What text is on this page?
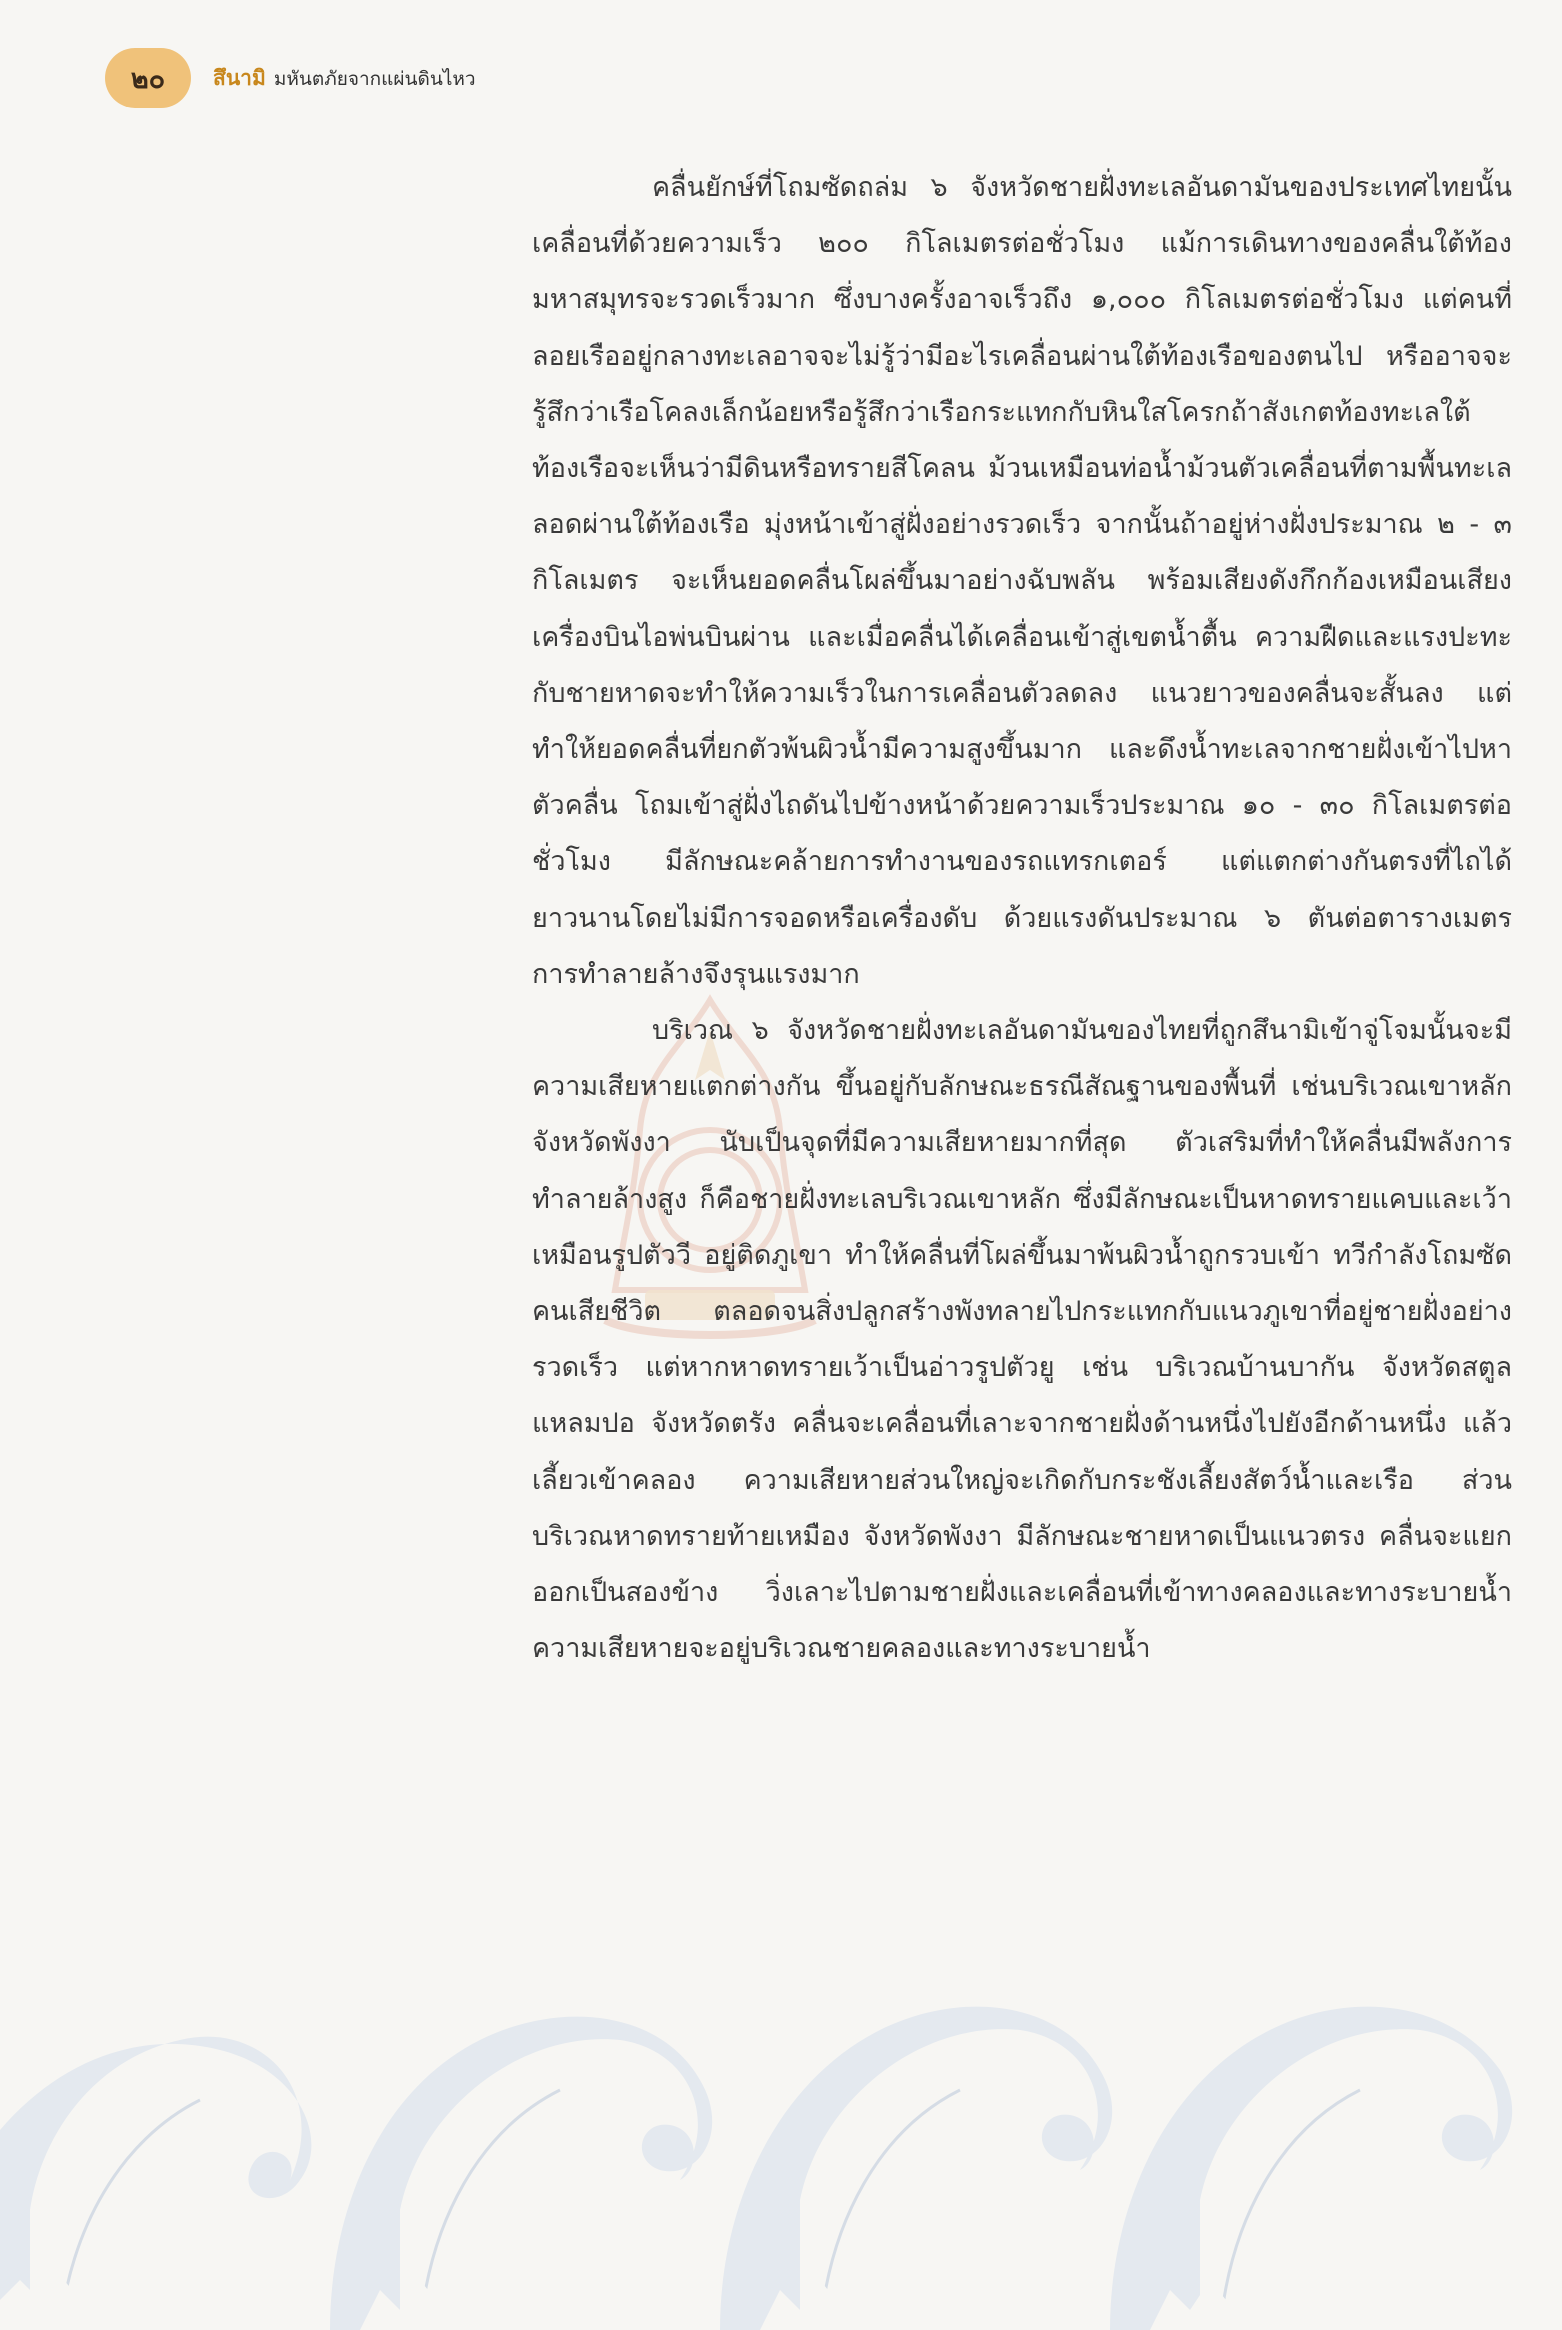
๒๐	สึนามิ มหันตภัยจากแผ่นดินไหว

คลื่นยักษ์ที่โถมซัดถล่ม ๖ จังหวัดชายฝั่งทะเลอันดามันของประเทศไทยนั้น เคลื่อนที่ด้วยความเร็ว ๒๐๐ กิโลเมตรต่อชั่วโมง แม้การเดินทางของคลื่นใต้ท้องมหาสมุทรจะรวดเร็วมาก ซึ่งบางครั้งอาจเร็วถึง ๑,๐๐๐ กิโลเมตรต่อชั่วโมง แต่คนที่ลอยเรืออยู่กลางทะเลอาจจะไม่รู้ว่ามีอะไรเคลื่อนผ่านใต้ท้องเรือของตนไป หรืออาจจะรู้สึกว่าเรือโคลงเล็กน้อยหรือรู้สึกว่าเรือกระแทกกับหินใสโครกถ้าสังเกตท้องทะเลใต้ท้องเรือจะเห็นว่ามีดินหรือทรายสีโคลน ม้วนเหมือนท่อน้ำม้วนตัวเคลื่อนที่ตามพื้นทะเลลอดผ่านใต้ท้องเรือ มุ่งหน้าเข้าสู่ฝั่งอย่างรวดเร็ว จากนั้นถ้าอยู่ห่างฝั่งประมาณ ๒ - ๓ กิโลเมตร จะเห็นยอดคลื่นโผล่ขึ้นมาอย่างฉับพลัน พร้อมเสียงดังกึกก้องเหมือนเสียงเครื่องบินไอพ่นบินผ่าน และเมื่อคลื่นได้เคลื่อนเข้าสู่เขตน้ำตื้น ความฝืดและแรงปะทะกับชายหาดจะทำให้ความเร็วในการเคลื่อนตัวลดลง แนวยาวของคลื่นจะสั้นลง แต่ทำให้ยอดคลื่นที่ยกตัวพ้นผิวน้ำมีความสูงขึ้นมาก และดึงน้ำทะเลจากชายฝั่งเข้าไปหาตัวคลื่น โถมเข้าสู่ฝั่งไถดันไปข้างหน้าด้วยความเร็วประมาณ ๑๐ - ๓๐ กิโลเมตรต่อชั่วโมง มีลักษณะคล้ายการทำงานของรถแทรกเตอร์ แต่แตกต่างกันตรงที่ไถได้ยาวนานโดยไม่มีการจอดหรือเครื่องดับ ด้วยแรงดันประมาณ ๖ ตันต่อตารางเมตร การทำลายล้างจึงรุนแรงมาก

บริเวณ ๖ จังหวัดชายฝั่งทะเลอันดามันของไทยที่ถูกสึนามิเข้าจู่โจมนั้นจะมีความเสียหายแตกต่างกัน ขึ้นอยู่กับลักษณะธรณีสัณฐานของพื้นที่ เช่นบริเวณเขาหลัก จังหวัดพังงา นับเป็นจุดที่มีความเสียหายมากที่สุด ตัวเสริมที่ทำให้คลื่นมีพลังการทำลายล้างสูง ก็คือชายฝั่งทะเลบริเวณเขาหลัก ซึ่งมีลักษณะเป็นหาดทรายแคบและเว้าเหมือนรูปตัววี อยู่ติดภูเขา ทำให้คลื่นที่โผล่ขึ้นมาพ้นผิวน้ำถูกรวบเข้า ทวีกำลังโถมซัดคนเสียชีวิต ตลอดจนสิ่งปลูกสร้างพังทลายไปกระแทกกับแนวภูเขาที่อยู่ชายฝั่งอย่างรวดเร็ว แต่หากหาดทรายเว้าเป็นอ่าวรูปตัวยู เช่น บริเวณบ้านบากัน จังหวัดสตูล แหลมปอ จังหวัดตรัง คลื่นจะเคลื่อนที่เลาะจากชายฝั่งด้านหนึ่งไปยังอีกด้านหนึ่ง แล้วเลี้ยวเข้าคลอง ความเสียหายส่วนใหญ่จะเกิดกับกระชังเลี้ยงสัตว์น้ำและเรือ ส่วนบริเวณหาดทรายท้ายเหมือง จังหวัดพังงา มีลักษณะชายหาดเป็นแนวตรง คลื่นจะแยกออกเป็นสองข้าง วิ่งเลาะไปตามชายฝั่งและเคลื่อนที่เข้าทางคลองและทางระบายน้ำ ความเสียหายจะอยู่บริเวณชายคลองและทางระบายน้ำ
